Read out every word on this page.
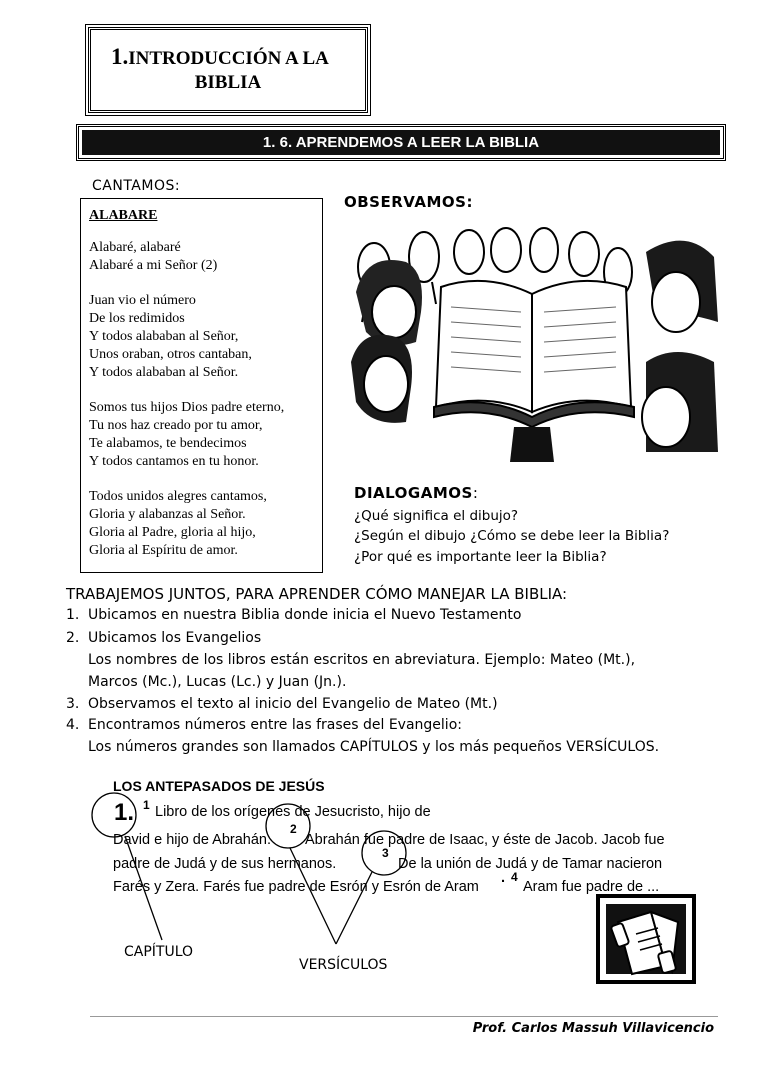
1.INTRODUCCIÓN A LA
BIBLIA
1. 6. APRENDEMOS A LEER LA BIBLIA
CANTAMOS:
ALABARE
Alabaré, alabaré
Alabaré a mi Señor (2)
Juan vio el número
De los redimidos
Y todos alababan al Señor,
Unos oraban, otros cantaban,
Y todos alababan al Señor.
Somos tus hijos Dios padre eterno,
Tu nos haz creado por tu amor,
Te alabamos, te bendecimos
Y todos cantamos en tu honor.
Todos unidos alegres cantamos,
Gloria y alabanzas al Señor.
Gloria al Padre, gloria al hijo,
Gloria al Espíritu de amor.
OBSERVAMOS:
DIALOGAMOS:
¿Qué significa el dibujo?
¿Según el dibujo ¿Cómo se debe leer la Biblia?
¿Por qué es importante leer la Biblia?
TRABAJEMOS JUNTOS, PARA APRENDER CÓMO MANEJAR LA BIBLIA:
1. Ubicamos en nuestra Biblia donde inicia el Nuevo Testamento
2. Ubicamos los Evangelios
Los nombres de los libros están escritos en abreviatura. Ejemplo: Mateo (Mt.),
Marcos (Mc.), Lucas (Lc.) y Juan (Jn.).
3. Observamos el texto al inicio del Evangelio de Mateo (Mt.)
4. Encontramos números entre las frases del Evangelio:
Los números grandes son llamados CAPÍTULOS y los más pequeños VERSÍCULOS.
LOS ANTEPASADOS DE JESÚS
1. 1 Libro de los orígenes de Jesucristo, hijo de
David e hijo de Abrahán.
2
Abrahán fue padre de Isaac, y éste de Jacob. Jacob fue
padre de Judá y de sus hermanos.
3
De la unión de Judá y de Tamar nacieron
Farés y Zera. Farés fue padre de Esrón y Esrón de Aram
. 4
Aram fue padre de ...
CAPÍTULO
VERSÍCULOS
Prof. Carlos Massuh Villavicencio
